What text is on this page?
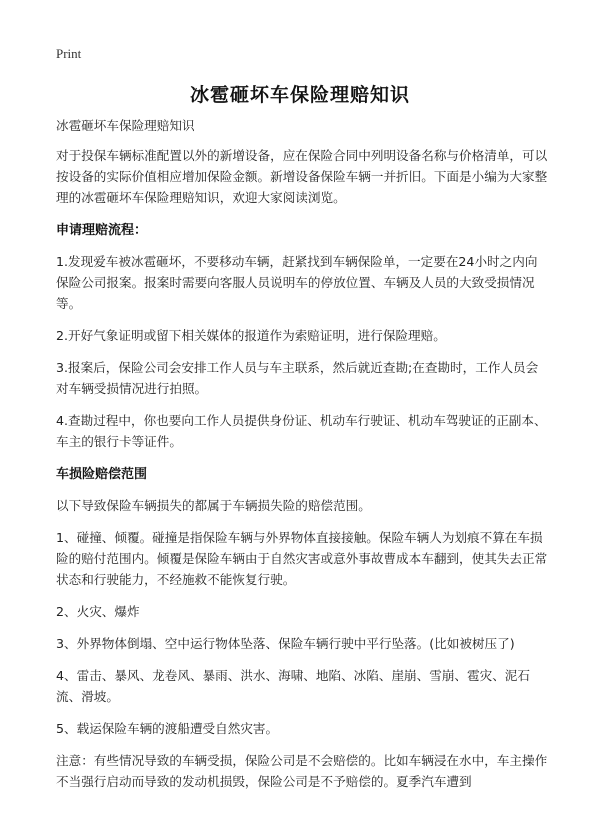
Print
冰雹砸坏车保险理赔知识

冰雹砸坏车保险理赔知识

对于投保车辆标准配置以外的新增设备，应在保险合同中列明设备名称与价格清单，可以按设备的实际价值相应增加保险金额。新增设备保险车辆一并折旧。下面是小编为大家整理的冰雹砸坏车保险理赔知识，欢迎大家阅读浏览。

申请理赔流程：

1.发现爱车被冰雹砸坏，不要移动车辆，赶紧找到车辆保险单，一定要在24小时之内向保险公司报案。报案时需要向客服人员说明车的停放位置、车辆及人员的大致受损情况等。

2.开好气象证明或留下相关媒体的报道作为索赔证明，进行保险理赔。

3.报案后，保险公司会安排工作人员与车主联系，然后就近查勘;在查勘时，工作人员会对车辆受损情况进行拍照。

4.查勘过程中，你也要向工作人员提供身份证、机动车行驶证、机动车驾驶证的正副本、车主的银行卡等证件。

车损险赔偿范围

以下导致保险车辆损失的都属于车辆损失险的赔偿范围。

1、碰撞、倾覆。碰撞是指保险车辆与外界物体直接接触。保险车辆人为划痕不算在车损险的赔付范围内。倾覆是保险车辆由于自然灾害或意外事故曹成本车翻到，使其失去正常状态和行驶能力，不经施救不能恢复行驶。

2、火灾、爆炸

3、外界物体倒塌、空中运行物体坠落、保险车辆行驶中平行坠落。(比如被树压了)

4、雷击、暴风、龙卷风、暴雨、洪水、海啸、地陷、冰陷、崖崩、雪崩、雹灾、泥石流、滑坡。

5、载运保险车辆的渡船遭受自然灾害。

注意：有些情况导致的车辆受损，保险公司是不会赔偿的。比如车辆浸在水中，车主操作不当强行启动而导致的发动机损毁，保险公司是不予赔偿的。夏季汽车遭到
